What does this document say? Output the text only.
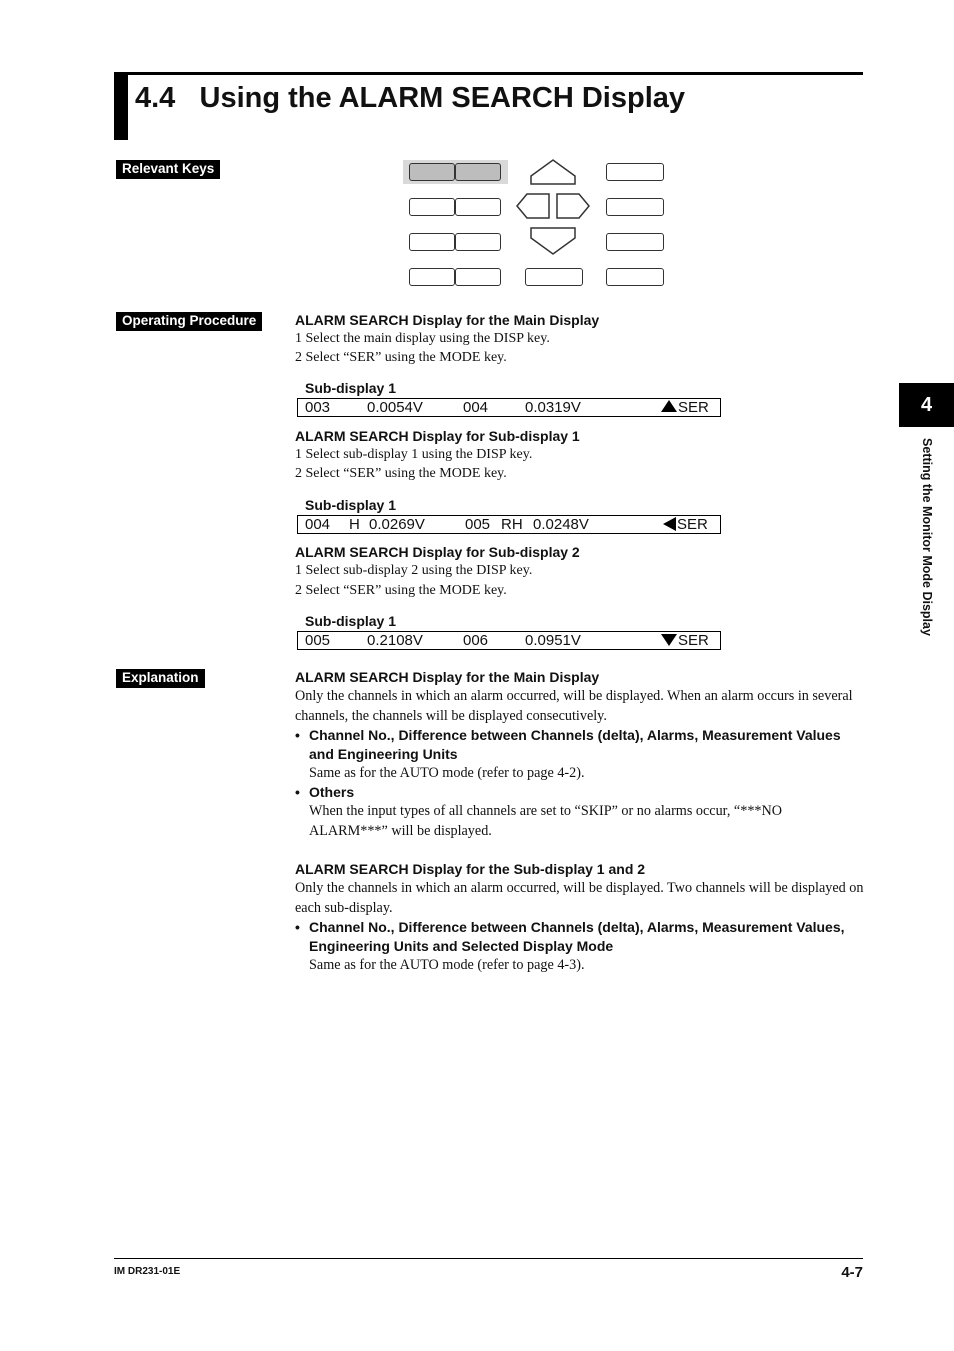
4.4 Using the ALARM SEARCH Display
Relevant Keys
Operating Procedure	ALARM SEARCH Display for the Main Display
1 Select the main display using the DISP key.
2 Select “SER” using the MODE key.
Sub-display 1
003 0.0054V	004 0.0319V	SER
ALARM SEARCH Display for Sub-display 1
1 Select sub-display 1 using the DISP key.
2 Select “SER” using the MODE key.
Sub-display 1
004 H 0.0269V	005 RH 0.0248V	SER
ALARM SEARCH Display for Sub-display 2
1 Select sub-display 2 using the DISP key.
2 Select “SER” using the MODE key.
Sub-display 1
005 0.2108V	006 0.0951V	SER
Explanation	ALARM SEARCH Display for the Main Display
Only the channels in which an alarm occurred, will be displayed. When an alarm occurs in several channels, the channels will be displayed consecutively.
• Channel No., Difference between Channels (delta), Alarms, Measurement Values and Engineering Units
Same as for the AUTO mode (refer to page 4-2).
• Others
When the input types of all channels are set to “SKIP” or no alarms occur, “***NO ALARM***” will be displayed.
ALARM SEARCH Display for the Sub-display 1 and 2
Only the channels in which an alarm occurred, will be displayed. Two channels will be displayed on each sub-display.
• Channel No., Difference between Channels (delta), Alarms, Measurement Values, Engineering Units and Selected Display Mode
Same as for the AUTO mode (refer to page 4-3).
4
Setting the Monitor Mode Display
IM DR231-01E	4-7
